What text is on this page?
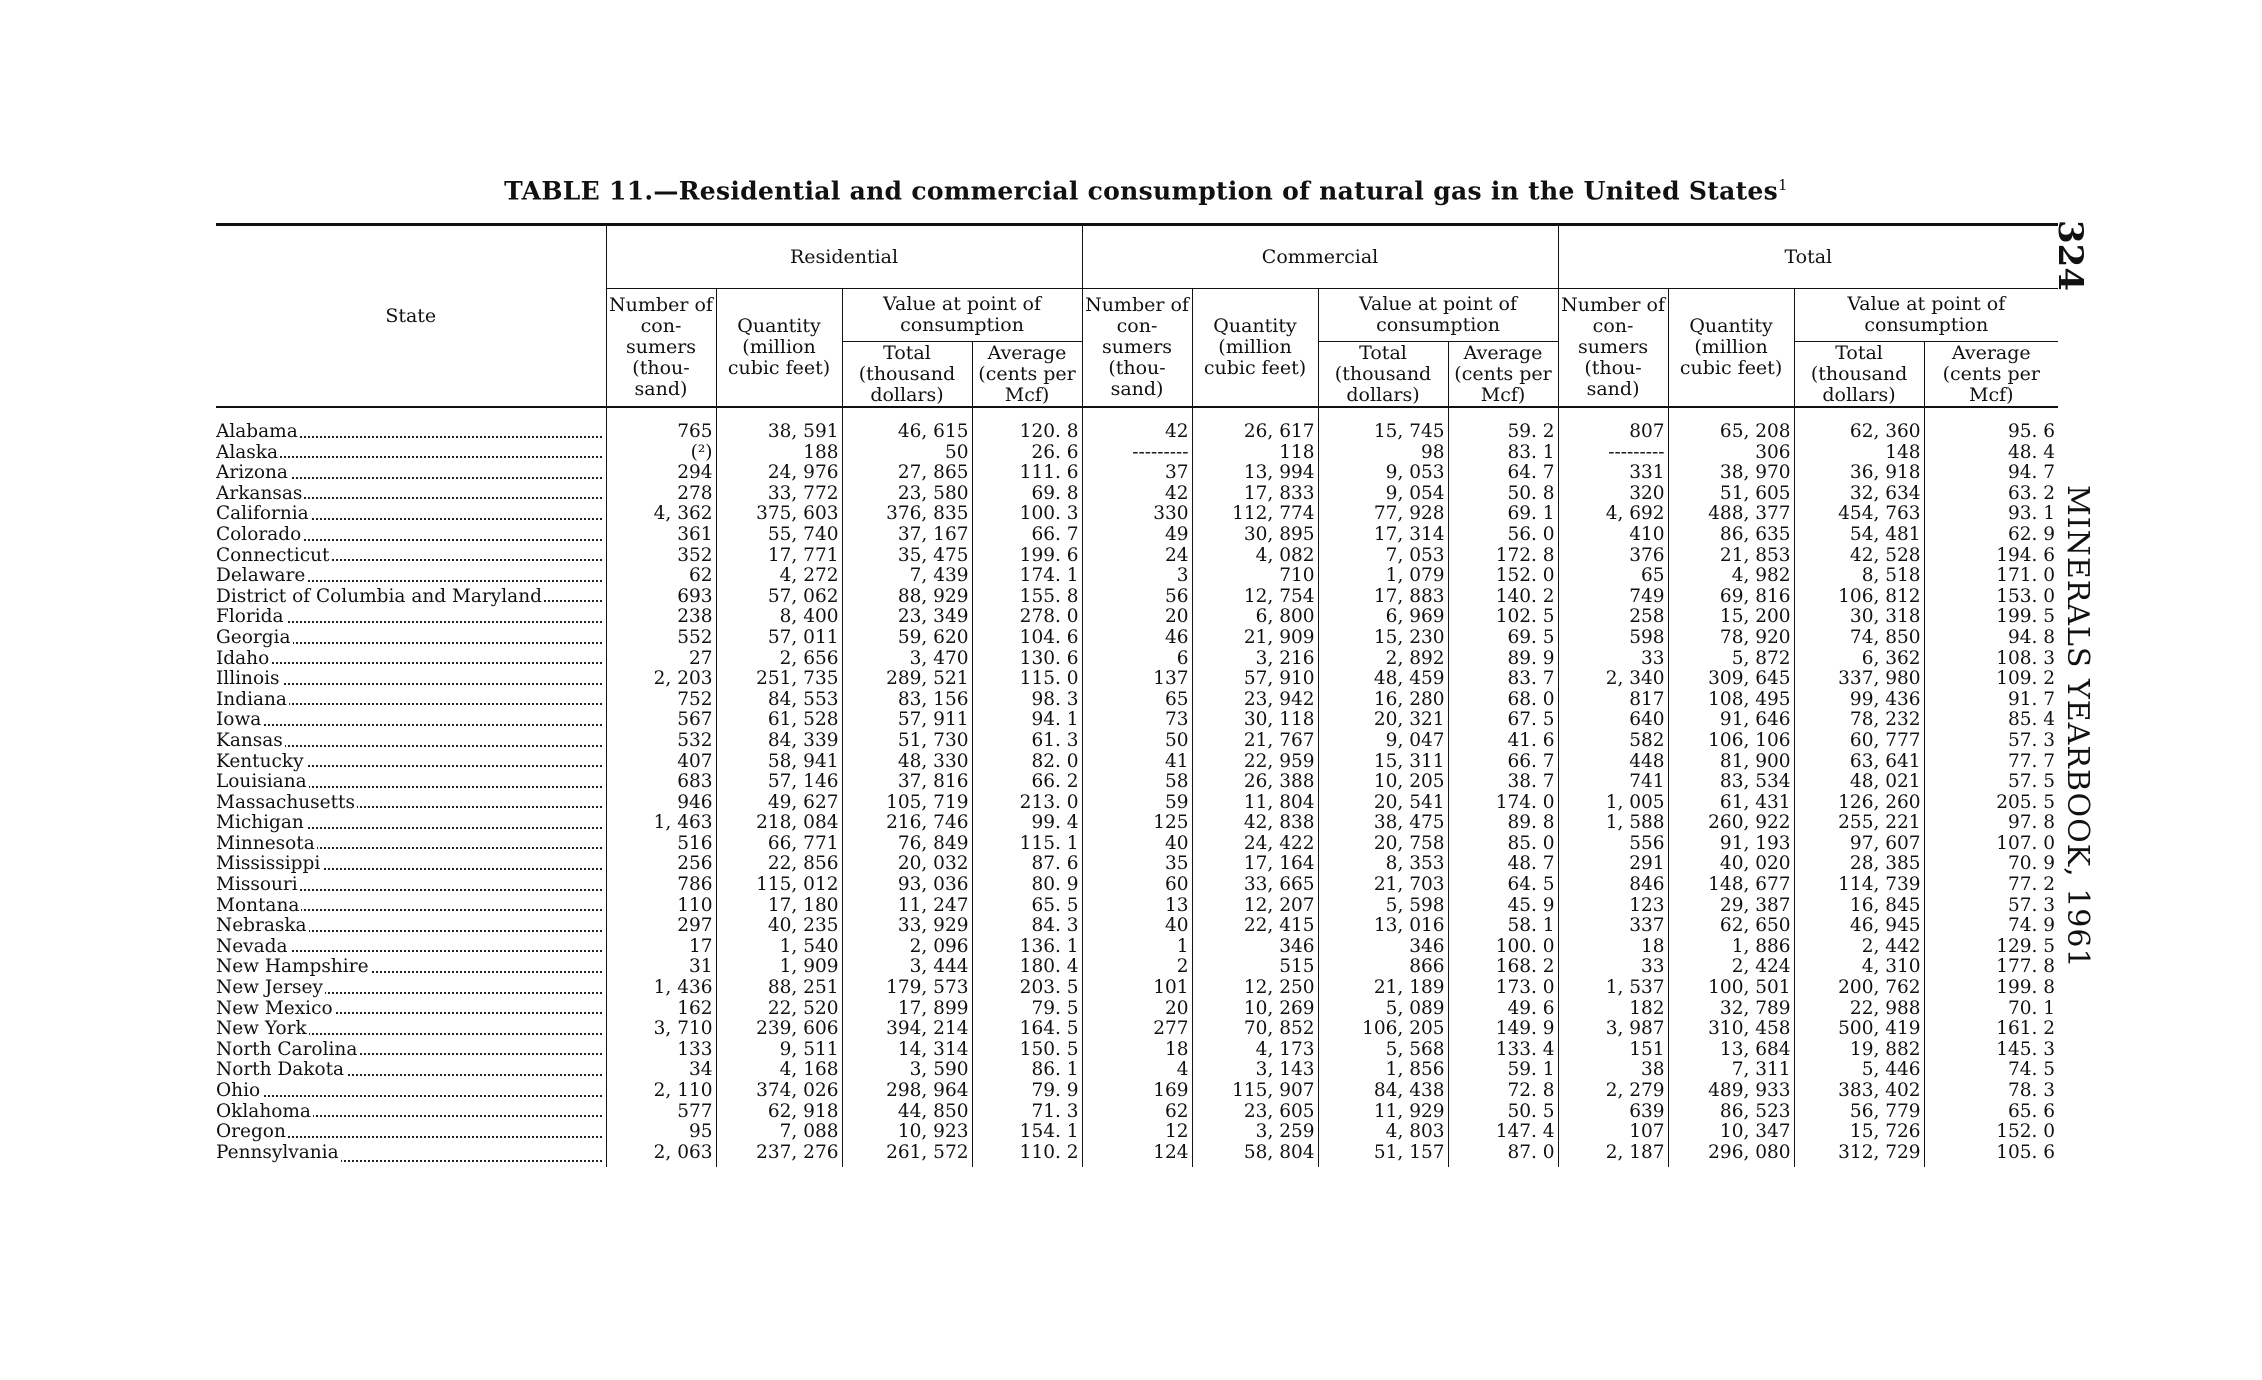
TABLE 11.—Residential and commercial consumption of natural gas in the United States$^1$
324
MINERALS YEARBOOK, 1961
State	Residential				Commercial				Total			
	Number of con- sumers (thou- sand)	Quantity (million cubic feet)	Value at point of consumption		Number of con- sumers (thou- sand)	Quantity (million cubic feet)	Value at point of consumption		Number of con- sumers (thou- sand)	Quantity (million cubic feet)	Value at point of consumption	
			Total (thousand dollars)	Average (cents per Mcf)			Total (thousand dollars)	Average (cents per Mcf)			Total (thousand dollars)	Average (cents per Mcf)

Alabama	765	38, 591	46, 615	120. 8	42	26, 617	15, 745	59. 2	807	65, 208	62, 360	95. 6

Alaska	(²)	188	50	26. 6	---------	118	98	83. 1	---------	306	148	48. 4

Arizona	294	24, 976	27, 865	111. 6	37	13, 994	9, 053	64. 7	331	38, 970	36, 918	94. 7

Arkansas	278	33, 772	23, 580	69. 8	42	17, 833	9, 054	50. 8	320	51, 605	32, 634	63. 2

California	4, 362	375, 603	376, 835	100. 3	330	112, 774	77, 928	69. 1	4, 692	488, 377	454, 763	93. 1

Colorado	361	55, 740	37, 167	66. 7	49	30, 895	17, 314	56. 0	410	86, 635	54, 481	62. 9

Connecticut	352	17, 771	35, 475	199. 6	24	4, 082	7, 053	172. 8	376	21, 853	42, 528	194. 6

Delaware	62	4, 272	7, 439	174. 1	3	710	1, 079	152. 0	65	4, 982	8, 518	171. 0

District of Columbia and Maryland	693	57, 062	88, 929	155. 8	56	12, 754	17, 883	140. 2	749	69, 816	106, 812	153. 0

Florida	238	8, 400	23, 349	278. 0	20	6, 800	6, 969	102. 5	258	15, 200	30, 318	199. 5

Georgia	552	57, 011	59, 620	104. 6	46	21, 909	15, 230	69. 5	598	78, 920	74, 850	94. 8

Idaho	27	2, 656	3, 470	130. 6	6	3, 216	2, 892	89. 9	33	5, 872	6, 362	108. 3

Illinois	2, 203	251, 735	289, 521	115. 0	137	57, 910	48, 459	83. 7	2, 340	309, 645	337, 980	109. 2

Indiana	752	84, 553	83, 156	98. 3	65	23, 942	16, 280	68. 0	817	108, 495	99, 436	91. 7

Iowa	567	61, 528	57, 911	94. 1	73	30, 118	20, 321	67. 5	640	91, 646	78, 232	85. 4

Kansas	532	84, 339	51, 730	61. 3	50	21, 767	9, 047	41. 6	582	106, 106	60, 777	57. 3

Kentucky	407	58, 941	48, 330	82. 0	41	22, 959	15, 311	66. 7	448	81, 900	63, 641	77. 7

Louisiana	683	57, 146	37, 816	66. 2	58	26, 388	10, 205	38. 7	741	83, 534	48, 021	57. 5

Massachusetts	946	49, 627	105, 719	213. 0	59	11, 804	20, 541	174. 0	1, 005	61, 431	126, 260	205. 5

Michigan	1, 463	218, 084	216, 746	99. 4	125	42, 838	38, 475	89. 8	1, 588	260, 922	255, 221	97. 8

Minnesota	516	66, 771	76, 849	115. 1	40	24, 422	20, 758	85. 0	556	91, 193	97, 607	107. 0

Mississippi	256	22, 856	20, 032	87. 6	35	17, 164	8, 353	48. 7	291	40, 020	28, 385	70. 9

Missouri	786	115, 012	93, 036	80. 9	60	33, 665	21, 703	64. 5	846	148, 677	114, 739	77. 2

Montana	110	17, 180	11, 247	65. 5	13	12, 207	5, 598	45. 9	123	29, 387	16, 845	57. 3

Nebraska	297	40, 235	33, 929	84. 3	40	22, 415	13, 016	58. 1	337	62, 650	46, 945	74. 9

Nevada	17	1, 540	2, 096	136. 1	1	346	346	100. 0	18	1, 886	2, 442	129. 5

New Hampshire	31	1, 909	3, 444	180. 4	2	515	866	168. 2	33	2, 424	4, 310	177. 8

New Jersey	1, 436	88, 251	179, 573	203. 5	101	12, 250	21, 189	173. 0	1, 537	100, 501	200, 762	199. 8

New Mexico	162	22, 520	17, 899	79. 5	20	10, 269	5, 089	49. 6	182	32, 789	22, 988	70. 1

New York	3, 710	239, 606	394, 214	164. 5	277	70, 852	106, 205	149. 9	3, 987	310, 458	500, 419	161. 2

North Carolina	133	9, 511	14, 314	150. 5	18	4, 173	5, 568	133. 4	151	13, 684	19, 882	145. 3

North Dakota	34	4, 168	3, 590	86. 1	4	3, 143	1, 856	59. 1	38	7, 311	5, 446	74. 5

Ohio	2, 110	374, 026	298, 964	79. 9	169	115, 907	84, 438	72. 8	2, 279	489, 933	383, 402	78. 3

Oklahoma	577	62, 918	44, 850	71. 3	62	23, 605	11, 929	50. 5	639	86, 523	56, 779	65. 6

Oregon	95	7, 088	10, 923	154. 1	12	3, 259	4, 803	147. 4	107	10, 347	15, 726	152. 0

Pennsylvania	2, 063	237, 276	261, 572	110. 2	124	58, 804	51, 157	87. 0	2, 187	296, 080	312, 729	105. 6
